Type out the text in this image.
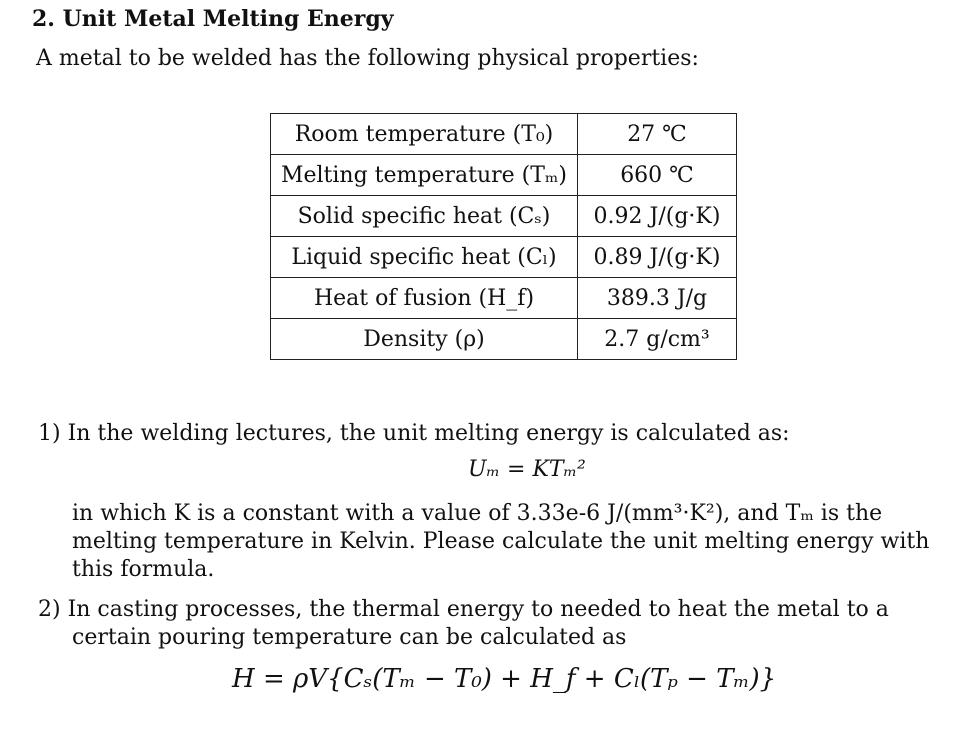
2. Unit Metal Melting Energy
A metal to be welded has the following physical properties:
Room temperature (T₀)	27 ℃
Melting temperature (Tₘ)	660 ℃
Solid specific heat (Cₛ)	0.92 J/(g·K)
Liquid specific heat (Cₗ)	0.89 J/(g·K)
Heat of fusion (H_f)	389.3 J/g
Density (ρ)	2.7 g/cm³
1) In the welding lectures, the unit melting energy is calculated as:
Uₘ = KTₘ²
in which K is a constant with a value of 3.33e-6 J/(mm³·K²), and Tₘ is the melting temperature in Kelvin. Please calculate the unit melting energy with this formula.
2) In casting processes, the thermal energy to needed to heat the metal to a
certain pouring temperature can be calculated as
H = ρV{Cₛ(Tₘ − T₀) + H_f + Cₗ(Tₚ − Tₘ)}
